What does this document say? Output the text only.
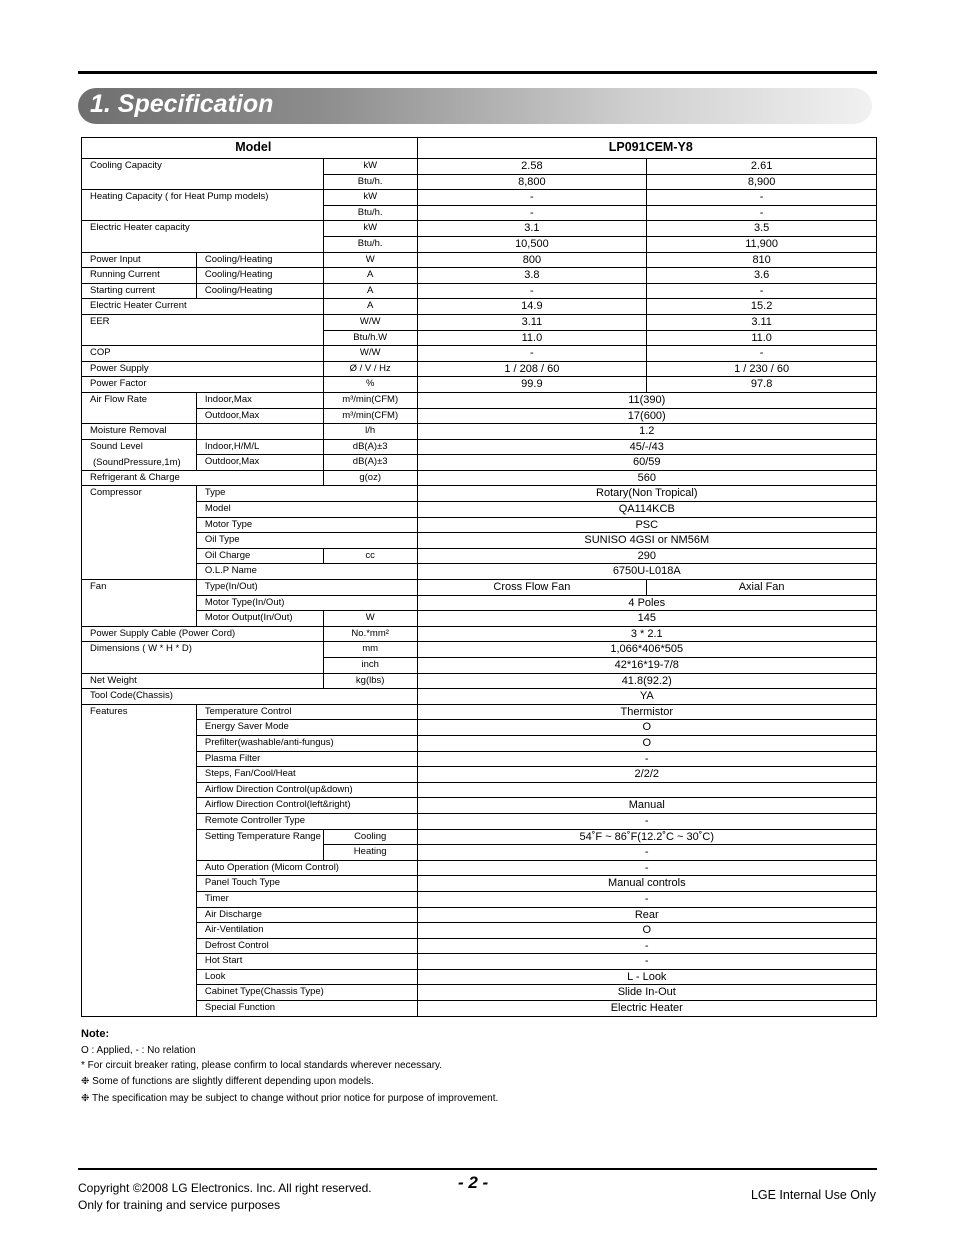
1. Specification
Model			LP091CEM-Y8	
Cooling Capacity		kW	2.58	2.61
		Btu/h.	8,800	8,900
Heating Capacity ( for Heat Pump models)		kW	-	-
		Btu/h.	-	-
Electric Heater capacity		kW	3.1	3.5
		Btu/h.	10,500	11,900
Power Input	Cooling/Heating	W	800	810
Running Current	Cooling/Heating	A	3.8	3.6
Starting current	Cooling/Heating	A	-	-
Electric Heater Current		A	14.9	15.2
EER		W/W	3.11	3.11
		Btu/h.W	11.0	11.0
COP		W/W	-	-
Power Supply		Ø / V / Hz	1 / 208 / 60	1 / 230 / 60
Power Factor		%	99.9	97.8
Air Flow Rate	Indoor,Max	m³/min(CFM)	11(390)	
	Outdoor,Max	m³/min(CFM)	17(600)	
Moisture Removal		l/h	1.2	
Sound Level
(SoundPressure,1m)	Indoor,H/M/L	dB(A)±3	45/-/43	
	Outdoor,Max	dB(A)±3	60/59	
Refrigerant & Charge		g(oz)	560	
Compressor	Type		Rotary(Non Tropical)	
	Model		QA114KCB	
	Motor Type		PSC	
	Oil Type		SUNISO 4GSI or NM56M	
	Oil Charge	cc	290	
	O.L.P Name		6750U-L018A	
Fan	Type(In/Out)		Cross Flow Fan	Axial Fan
	Motor Type(In/Out)		4 Poles	
	Motor Output(In/Out)	W	145	
Power Supply Cable (Power Cord)		No.*mm²	3 * 2.1	
Dimensions ( W * H * D)		mm	1,066*406*505	
		inch	42*16*19-7/8	
Net Weight		kg(lbs)	41.8(92.2)	
Tool Code(Chassis)			YA	
Features	Temperature Control		Thermistor	
	Energy Saver Mode		O	
	Prefilter(washable/anti-fungus)		O	
	Plasma Filter		-	
	Steps, Fan/Cool/Heat		2/2/2	
	Airflow Direction Control(up&down)			
	Airflow Direction Control(left&right)		Manual	
	Remote Controller Type		-	
	Setting Temperature Range	Cooling	54˚F ~ 86˚F(12.2˚C ~ 30˚C)	
		Heating	-	
	Auto Operation (Micom Control)		-	
	Panel Touch Type		Manual controls	
	Timer		-	
	Air Discharge		Rear	
	Air-Ventilation		O	
	Defrost Control		-	
	Hot Start		-	
	Look		L - Look	
	Cabinet Type(Chassis Type)		Slide In-Out	
	Special Function		Electric Heater	
Note:
O : Applied, - : No relation
* For circuit breaker rating, please confirm to local standards wherever necessary.
❉ Some of functions are slightly different depending upon models.
❉ The specification may be subject to change without prior notice for purpose of improvement.
Copyright ©2008 LG Electronics. Inc. All right reserved.
Only for training and service purposes
- 2 -
LGE Internal Use Only
